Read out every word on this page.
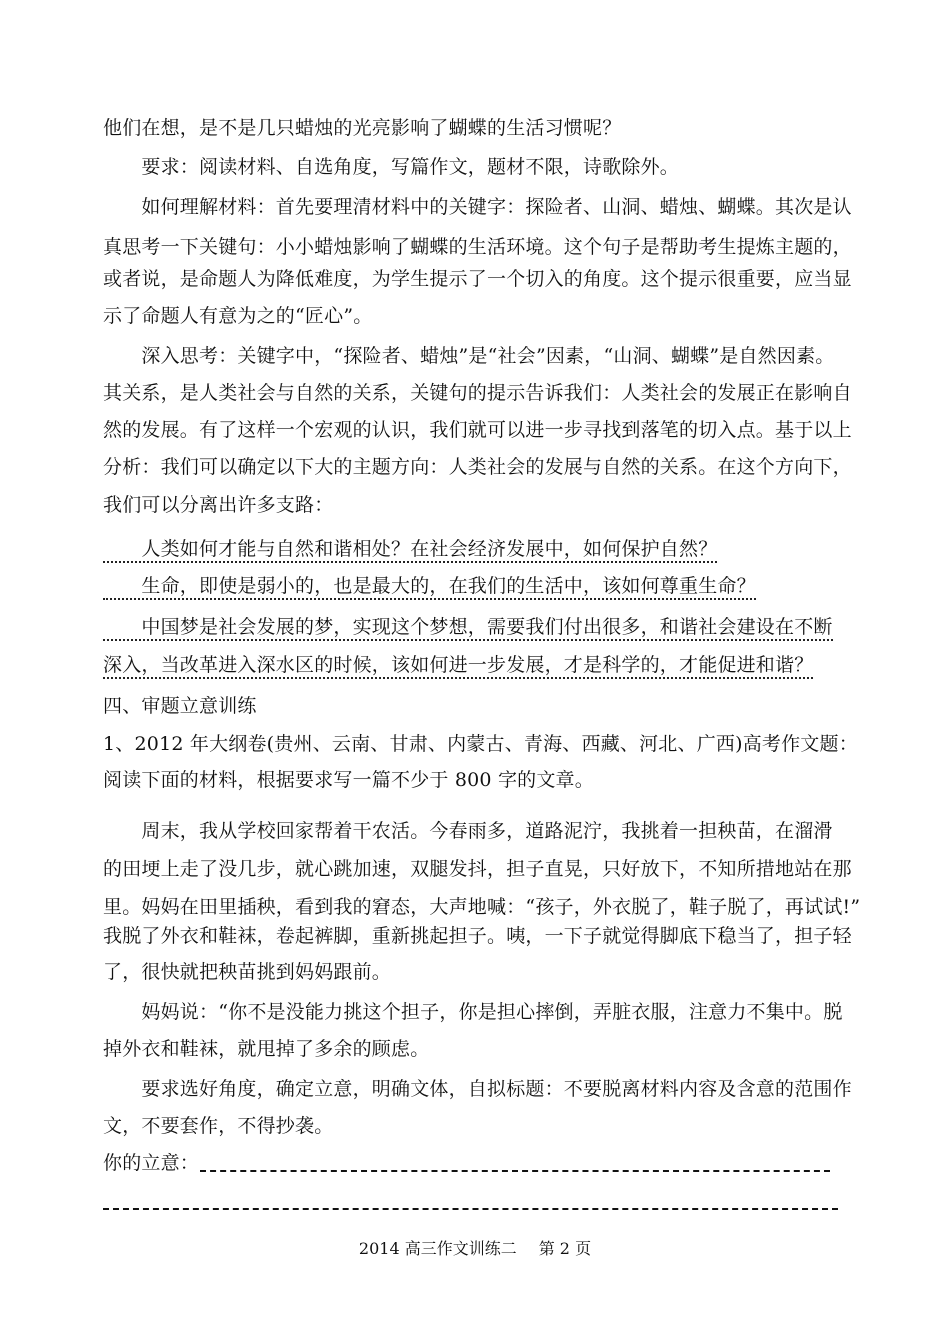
他们在想，是不是几只蜡烛的光亮影响了蝴蝶的生活习惯呢？
　　要求：阅读材料、自选角度，写篇作文，题材不限，诗歌除外。
　　如何理解材料：首先要理清材料中的关键字：探险者、山洞、蜡烛、蝴蝶。其次是认
真思考一下关键句：小小蜡烛影响了蝴蝶的生活环境。这个句子是帮助考生提炼主题的，
或者说，是命题人为降低难度，为学生提示了一个切入的角度。这个提示很重要，应当显
示了命题人有意为之的“匠心”。
　　深入思考：关键字中，“探险者、蜡烛”是“社会”因素，“山洞、蝴蝶”是自然因素。
其关系，是人类社会与自然的关系，关键句的提示告诉我们：人类社会的发展正在影响自
然的发展。有了这样一个宏观的认识，我们就可以进一步寻找到落笔的切入点。基于以上
分析：我们可以确定以下大的主题方向：人类社会的发展与自然的关系。在这个方向下，
我们可以分离出许多支路：
　　人类如何才能与自然和谐相处？在社会经济发展中，如何保护自然？
　　生命，即使是弱小的，也是最大的，在我们的生活中，该如何尊重生命？
　　中国梦是社会发展的梦，实现这个梦想，需要我们付出很多，和谐社会建设在不断
深入，当改革进入深水区的时候，该如何进一步发展，才是科学的，才能促进和谐？
四、审题立意训练
1、2012 年大纲卷(贵州、云南、甘肃、内蒙古、青海、西藏、河北、广西)高考作文题：
阅读下面的材料，根据要求写一篇不少于 800 字的文章。
　　周末，我从学校回家帮着干农活。今春雨多，道路泥泞，我挑着一担秧苗，在溜滑
的田埂上走了没几步，就心跳加速，双腿发抖，担子直晃，只好放下，不知所措地站在那
里。妈妈在田里插秧，看到我的窘态，大声地喊：“孩子，外衣脱了，鞋子脱了，再试试!”
我脱了外衣和鞋袜，卷起裤脚，重新挑起担子。咦，一下子就觉得脚底下稳当了，担子轻
了，很快就把秧苗挑到妈妈跟前。
　　妈妈说：“你不是没能力挑这个担子，你是担心摔倒，弄脏衣服，注意力不集中。脱
掉外衣和鞋袜，就甩掉了多余的顾虑。
　　要求选好角度，确定立意，明确文体，自拟标题：不要脱离材料内容及含意的范围作
文，不要套作，不得抄袭。
你的立意：
2014 高三作文训练二 第 2 页
